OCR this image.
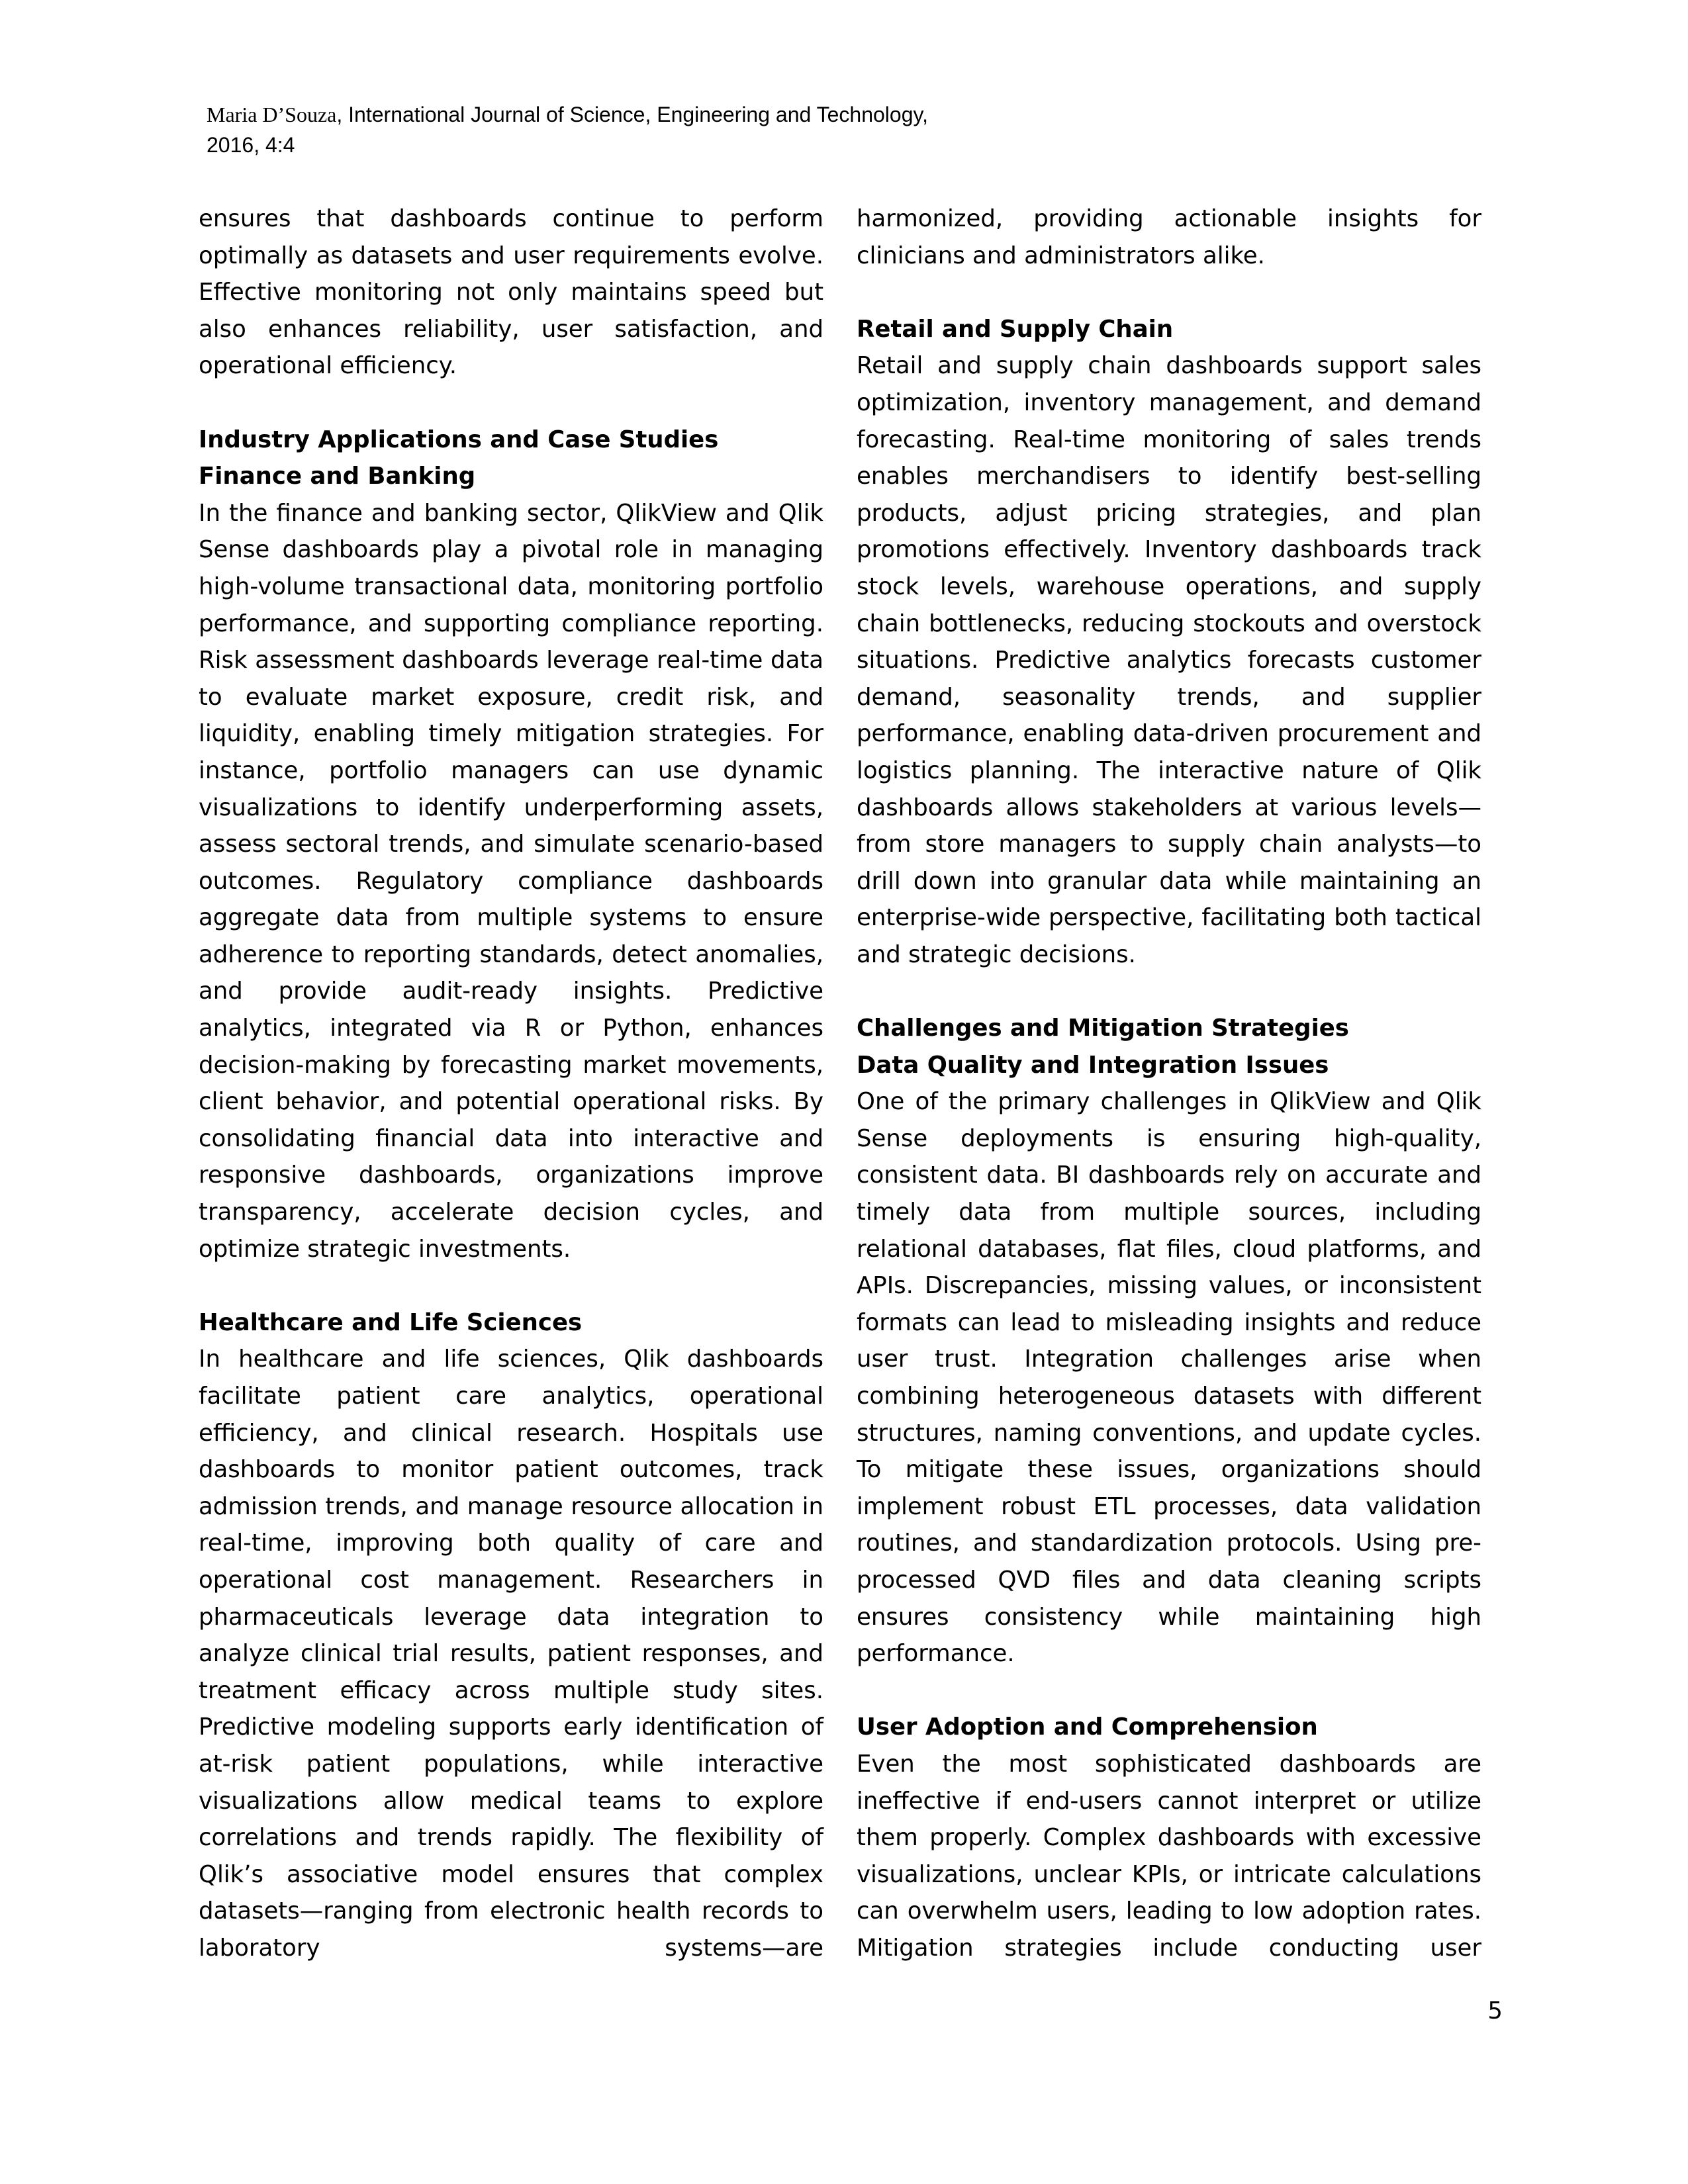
Maria D’Souza, International Journal of Science, Engineering and Technology,
2016, 4:4

ensures that dashboards continue to perform optimally as datasets and user requirements evolve. Effective monitoring not only maintains speed but also enhances reliability, user satisfaction, and operational efficiency.

Industry Applications and Case Studies
Finance and Banking

In the finance and banking sector, QlikView and Qlik Sense dashboards play a pivotal role in managing high-volume transactional data, monitoring portfolio performance, and supporting compliance reporting. Risk assessment dashboards leverage real-time data to evaluate market exposure, credit risk, and liquidity, enabling timely mitigation strategies. For instance, portfolio managers can use dynamic visualizations to identify underperforming assets, assess sectoral trends, and simulate scenario-based outcomes. Regulatory compliance dashboards aggregate data from multiple systems to ensure adherence to reporting standards, detect anomalies, and provide audit-ready insights. Predictive analytics, integrated via R or Python, enhances decision-making by forecasting market movements, client behavior, and potential operational risks. By consolidating financial data into interactive and responsive dashboards, organizations improve transparency, accelerate decision cycles, and optimize strategic investments.

Healthcare and Life Sciences

In healthcare and life sciences, Qlik dashboards facilitate patient care analytics, operational efficiency, and clinical research. Hospitals use dashboards to monitor patient outcomes, track admission trends, and manage resource allocation in real-time, improving both quality of care and operational cost management. Researchers in pharmaceuticals leverage data integration to analyze clinical trial results, patient responses, and treatment efficacy across multiple study sites. Predictive modeling supports early identification of at-risk patient populations, while interactive visualizations allow medical teams to explore correlations and trends rapidly. The flexibility of Qlik’s associative model ensures that complex datasets—ranging from electronic health records to laboratory systems—are

harmonized, providing actionable insights for clinicians and administrators alike.

Retail and Supply Chain

Retail and supply chain dashboards support sales optimization, inventory management, and demand forecasting. Real-time monitoring of sales trends enables merchandisers to identify best-selling products, adjust pricing strategies, and plan promotions effectively. Inventory dashboards track stock levels, warehouse operations, and supply chain bottlenecks, reducing stockouts and overstock situations. Predictive analytics forecasts customer demand, seasonality trends, and supplier performance, enabling data-driven procurement and logistics planning. The interactive nature of Qlik dashboards allows stakeholders at various levels—from store managers to supply chain analysts—to drill down into granular data while maintaining an enterprise-wide perspective, facilitating both tactical and strategic decisions.

Challenges and Mitigation Strategies
Data Quality and Integration Issues

One of the primary challenges in QlikView and Qlik Sense deployments is ensuring high-quality, consistent data. BI dashboards rely on accurate and timely data from multiple sources, including relational databases, flat files, cloud platforms, and APIs. Discrepancies, missing values, or inconsistent formats can lead to misleading insights and reduce user trust. Integration challenges arise when combining heterogeneous datasets with different structures, naming conventions, and update cycles. To mitigate these issues, organizations should implement robust ETL processes, data validation routines, and standardization protocols. Using pre-processed QVD files and data cleaning scripts ensures consistency while maintaining high performance.

User Adoption and Comprehension

Even the most sophisticated dashboards are ineffective if end-users cannot interpret or utilize them properly. Complex dashboards with excessive visualizations, unclear KPIs, or intricate calculations can overwhelm users, leading to low adoption rates. Mitigation strategies include conducting user

5
